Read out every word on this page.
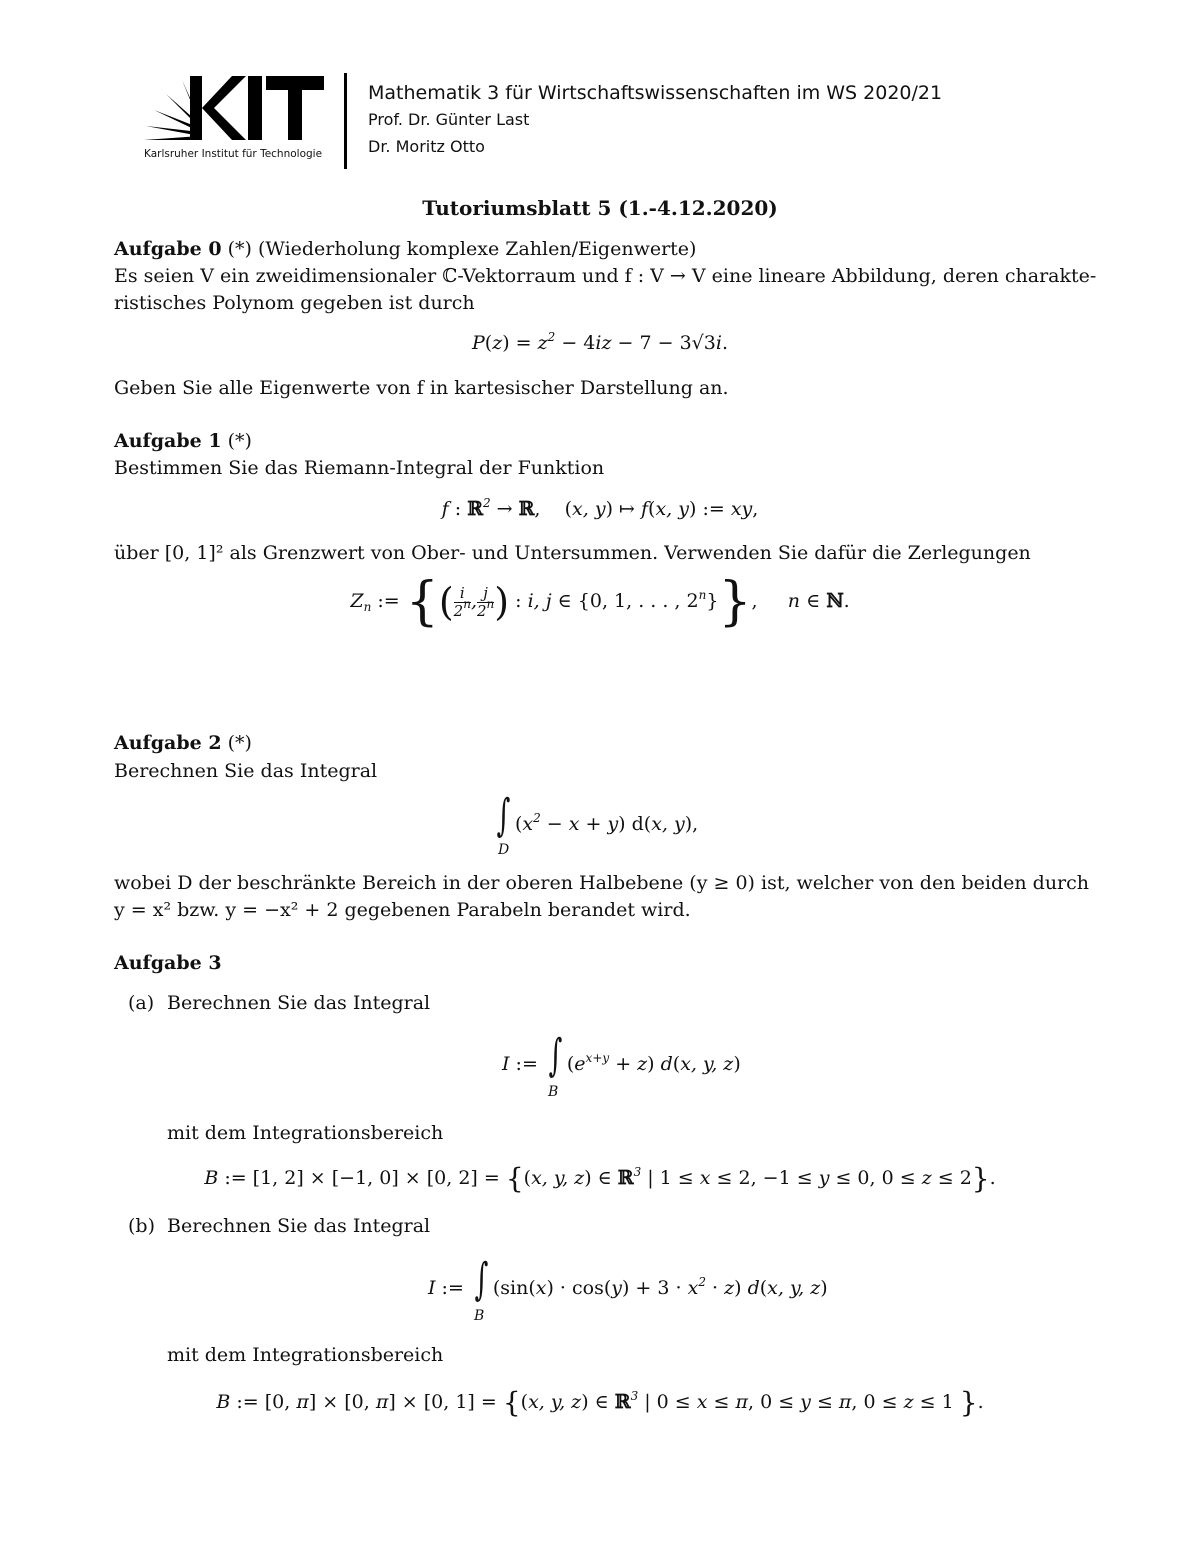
Karlsruher Institut für Technologie
Mathematik 3 für Wirtschaftswissenschaften im WS 2020/21
Prof. Dr. Günter Last
Dr. Moritz Otto
Tutoriumsblatt 5 (1.-4.12.2020)
Aufgabe 0 (*) (Wiederholung komplexe Zahlen/Eigenwerte)
Es seien V ein zweidimensionaler ℂ-Vektorraum und f : V → V eine lineare Abbildung, deren charakte-
ristisches Polynom gegeben ist durch
$P(z) = z^2 - 4iz - 7 - 3√3i$.
Geben Sie alle Eigenwerte von f in kartesischer Darstellung an.
Aufgabe 1 (*)
Bestimmen Sie das Riemann-Integral der Funktion
f : ℝ$^2$ → ℝ,    (x, y) ↦ f(x, y) := xy,
über [0, 1]² als Grenzwert von Ober- und Untersummen. Verwenden Sie dafür die Zerlegungen
$Z_n$ := {( $\frac{i}{2^n}$ , $\frac{j}{2^n}$ ) : i, j ∈ {0, 1, . . . , 2$^n$}},     n ∈ ℕ.
Aufgabe 2 (*)
Berechnen Sie das Integral
∫ $(x^2 - x + y)$ d(x, y),
D
wobei D der beschränkte Bereich in der oberen Halbebene (y ≥ 0) ist, welcher von den beiden durch
y = x² bzw. y = −x² + 2 gegebenen Parabeln berandet wird.
Aufgabe 3
(a) Berechnen Sie das Integral
I := ∫ $(e^{x+y} + z)$ d(x, y, z)
B
mit dem Integrationsbereich
B := [1, 2] × [−1, 0] × [0, 2] = {(x, y, z) ∈ ℝ$^3$ | 1 ≤ x ≤ 2, −1 ≤ y ≤ 0, 0 ≤ z ≤ 2}.
(b) Berechnen Sie das Integral
I := ∫ $(\sin(x) \cdot \cos(y) + 3 \cdot x^2 \cdot z)$ d(x, y, z)
B
mit dem Integrationsbereich
B := [0, π] × [0, π] × [0, 1] = {(x, y, z) ∈ ℝ$^3$ | 0 ≤ x ≤ π, 0 ≤ y ≤ π, 0 ≤ z ≤ 1 }.
